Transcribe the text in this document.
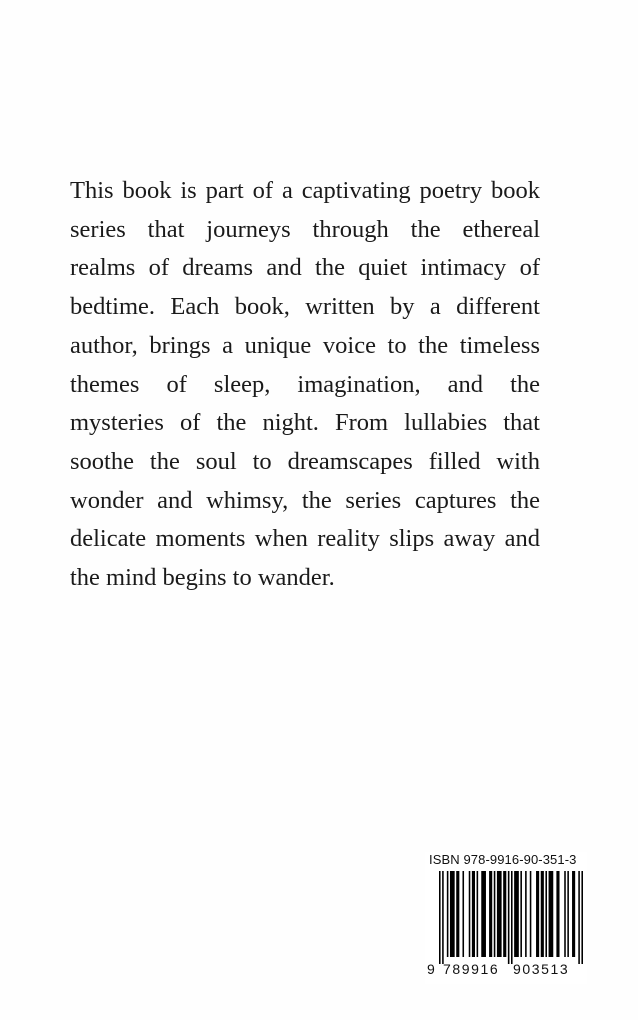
This book is part of a captivating poetry book
series that journeys through the ethereal
realms of dreams and the quiet intimacy of
bedtime. Each book, written by a different
author, brings a unique voice to the timeless
themes of sleep, imagination, and the
mysteries of the night. From lullabies that
soothe the soul to dreamscapes filled with
wonder and whimsy, the series captures the
delicate moments when reality slips away and
the mind begins to wander.
ISBN 978-9916-90-351-3
9 789916 903513
